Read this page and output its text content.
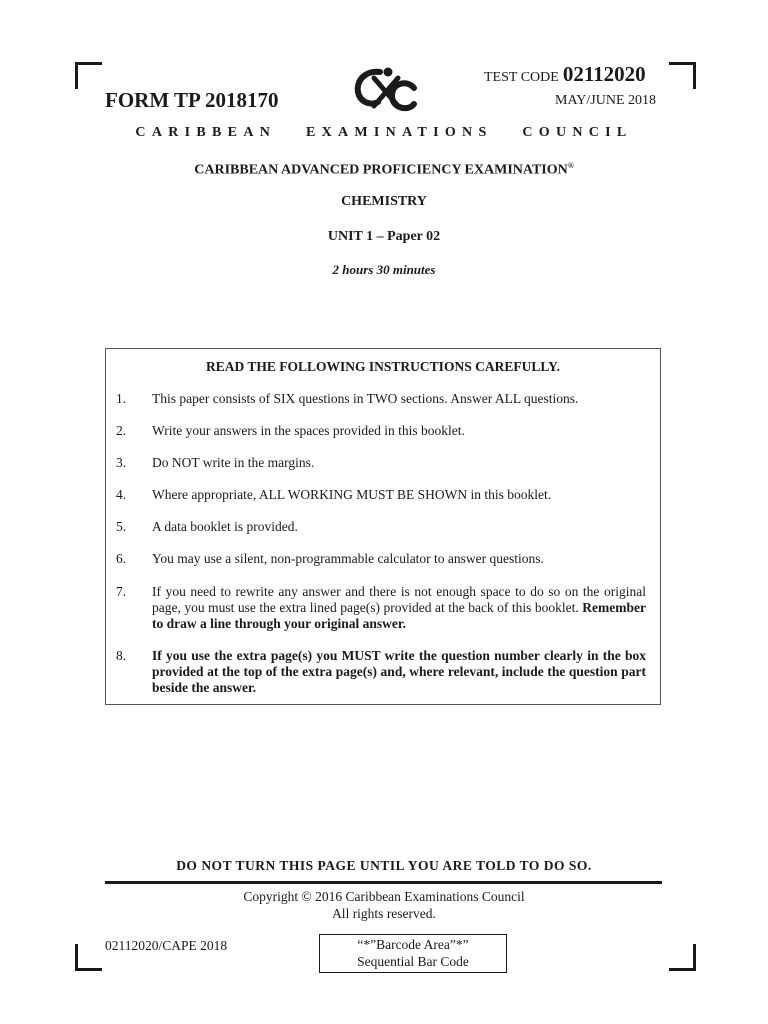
FORM TP 2018170
TEST CODE 02112020
MAY/JUNE 2018
CARIBBEAN EXAMINATIONS COUNCIL
CARIBBEAN ADVANCED PROFICIENCY EXAMINATION®
CHEMISTRY
UNIT 1 – Paper 02
2 hours 30 minutes
READ THE FOLLOWING INSTRUCTIONS CAREFULLY.
1.	This paper consists of SIX questions in TWO sections. Answer ALL questions.
2.	Write your answers in the spaces provided in this booklet.
3.	Do NOT write in the margins.
4.	Where appropriate, ALL WORKING MUST BE SHOWN in this booklet.
5.	A data booklet is provided.
6.	You may use a silent, non-programmable calculator to answer questions.
7.	If you need to rewrite any answer and there is not enough space to do so on the original page, you must use the extra lined page(s) provided at the back of this booklet. Remember to draw a line through your original answer.
8.	If you use the extra page(s) you MUST write the question number clearly in the box provided at the top of the extra page(s) and, where relevant, include the question part beside the answer.
DO NOT TURN THIS PAGE UNTIL YOU ARE TOLD TO DO SO.
Copyright © 2016 Caribbean Examinations Council
All rights reserved.
02112020/CAPE 2018	“*”Barcode Area”*”
Sequential Bar Code
